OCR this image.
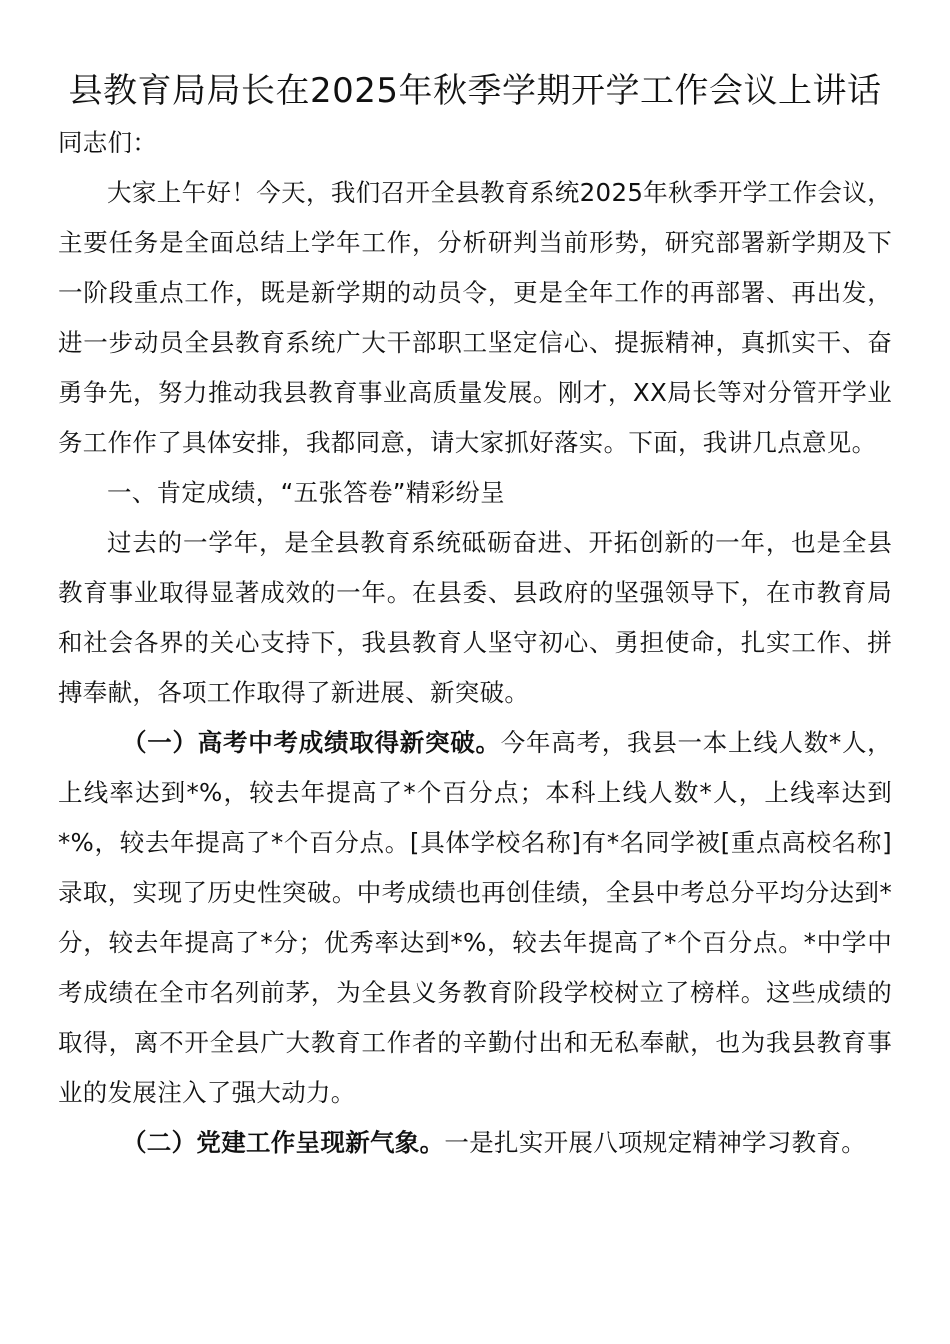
县教育局局长在2025年秋季学期开学工作会议上讲话

同志们：

大家上午好！今天，我们召开全县教育系统2025年秋季开学工作会议，主要任务是全面总结上学年工作，分析研判当前形势，研究部署新学期及下一阶段重点工作，既是新学期的动员令，更是全年工作的再部署、再出发，进一步动员全县教育系统广大干部职工坚定信心、提振精神，真抓实干、奋勇争先，努力推动我县教育事业高质量发展。刚才，XX局长等对分管开学业务工作作了具体安排，我都同意，请大家抓好落实。下面，我讲几点意见。

一、肯定成绩，“五张答卷”精彩纷呈

过去的一学年，是全县教育系统砥砺奋进、开拓创新的一年，也是全县教育事业取得显著成效的一年。在县委、县政府的坚强领导下，在市教育局和社会各界的关心支持下，我县教育人坚守初心、勇担使命，扎实工作、拼搏奉献，各项工作取得了新进展、新突破。

（一）高考中考成绩取得新突破。今年高考，我县一本上线人数*人，上线率达到*%，较去年提高了*个百分点；本科上线人数*人，上线率达到*%，较去年提高了*个百分点。[具体学校名称]有*名同学被[重点高校名称]录取，实现了历史性突破。中考成绩也再创佳绩，全县中考总分平均分达到*分，较去年提高了*分；优秀率达到*%，较去年提高了*个百分点。*中学中考成绩在全市名列前茅，为全县义务教育阶段学校树立了榜样。这些成绩的取得，离不开全县广大教育工作者的辛勤付出和无私奉献，也为我县教育事业的发展注入了强大动力。

（二）党建工作呈现新气象。一是扎实开展八项规定精神学习教育。
